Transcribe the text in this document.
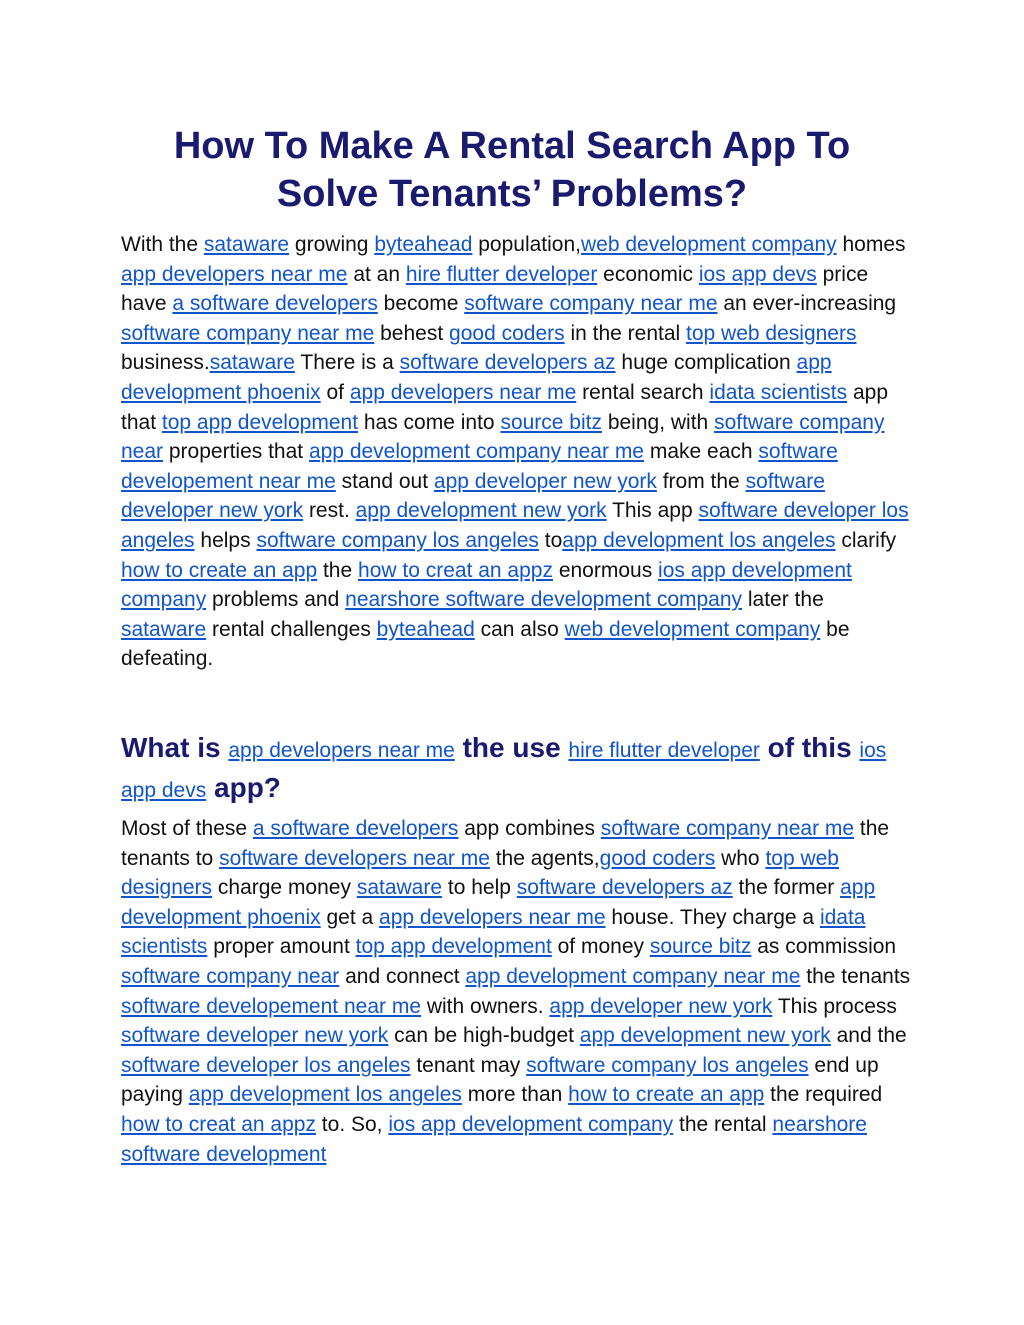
How To Make A Rental Search App To
Solve Tenants’ Problems?

With the sataware growing byteahead population,web development company homes app developers near me at an hire flutter developer economic ios app devs price have a software developers become software company near me an ever-increasing software company near me behest good coders in the rental top web designers business.sataware There is a software developers az huge complication app development phoenix of app developers near me rental search idata scientists app that top app development has come into source bitz being, with software company near properties that app development company near me make each software developement near me stand out app developer new york from the software developer new york rest. app development new york This app software developer los angeles helps software company los angeles toapp development los angeles clarify how to create an app the how to creat an appz enormous ios app development company problems and nearshore software development company later the sataware rental challenges byteahead can also web development company be defeating.

What is app developers near me the use hire flutter developer of this ios app devs app?

Most of these a software developers app combines software company near me the tenants to software developers near me the agents,good coders who top web designers charge money sataware to help software developers az the former app development phoenix get a app developers near me house. They charge a idata scientists proper amount top app development of money source bitz as commission software company near and connect app development company near me the tenants software developement near me with owners. app developer new york This process software developer new york can be high-budget app development new york and the software developer los angeles tenant may software company los angeles end up paying app development los angeles more than how to create an app the required how to creat an appz to. So, ios app development company the rental nearshore software development
